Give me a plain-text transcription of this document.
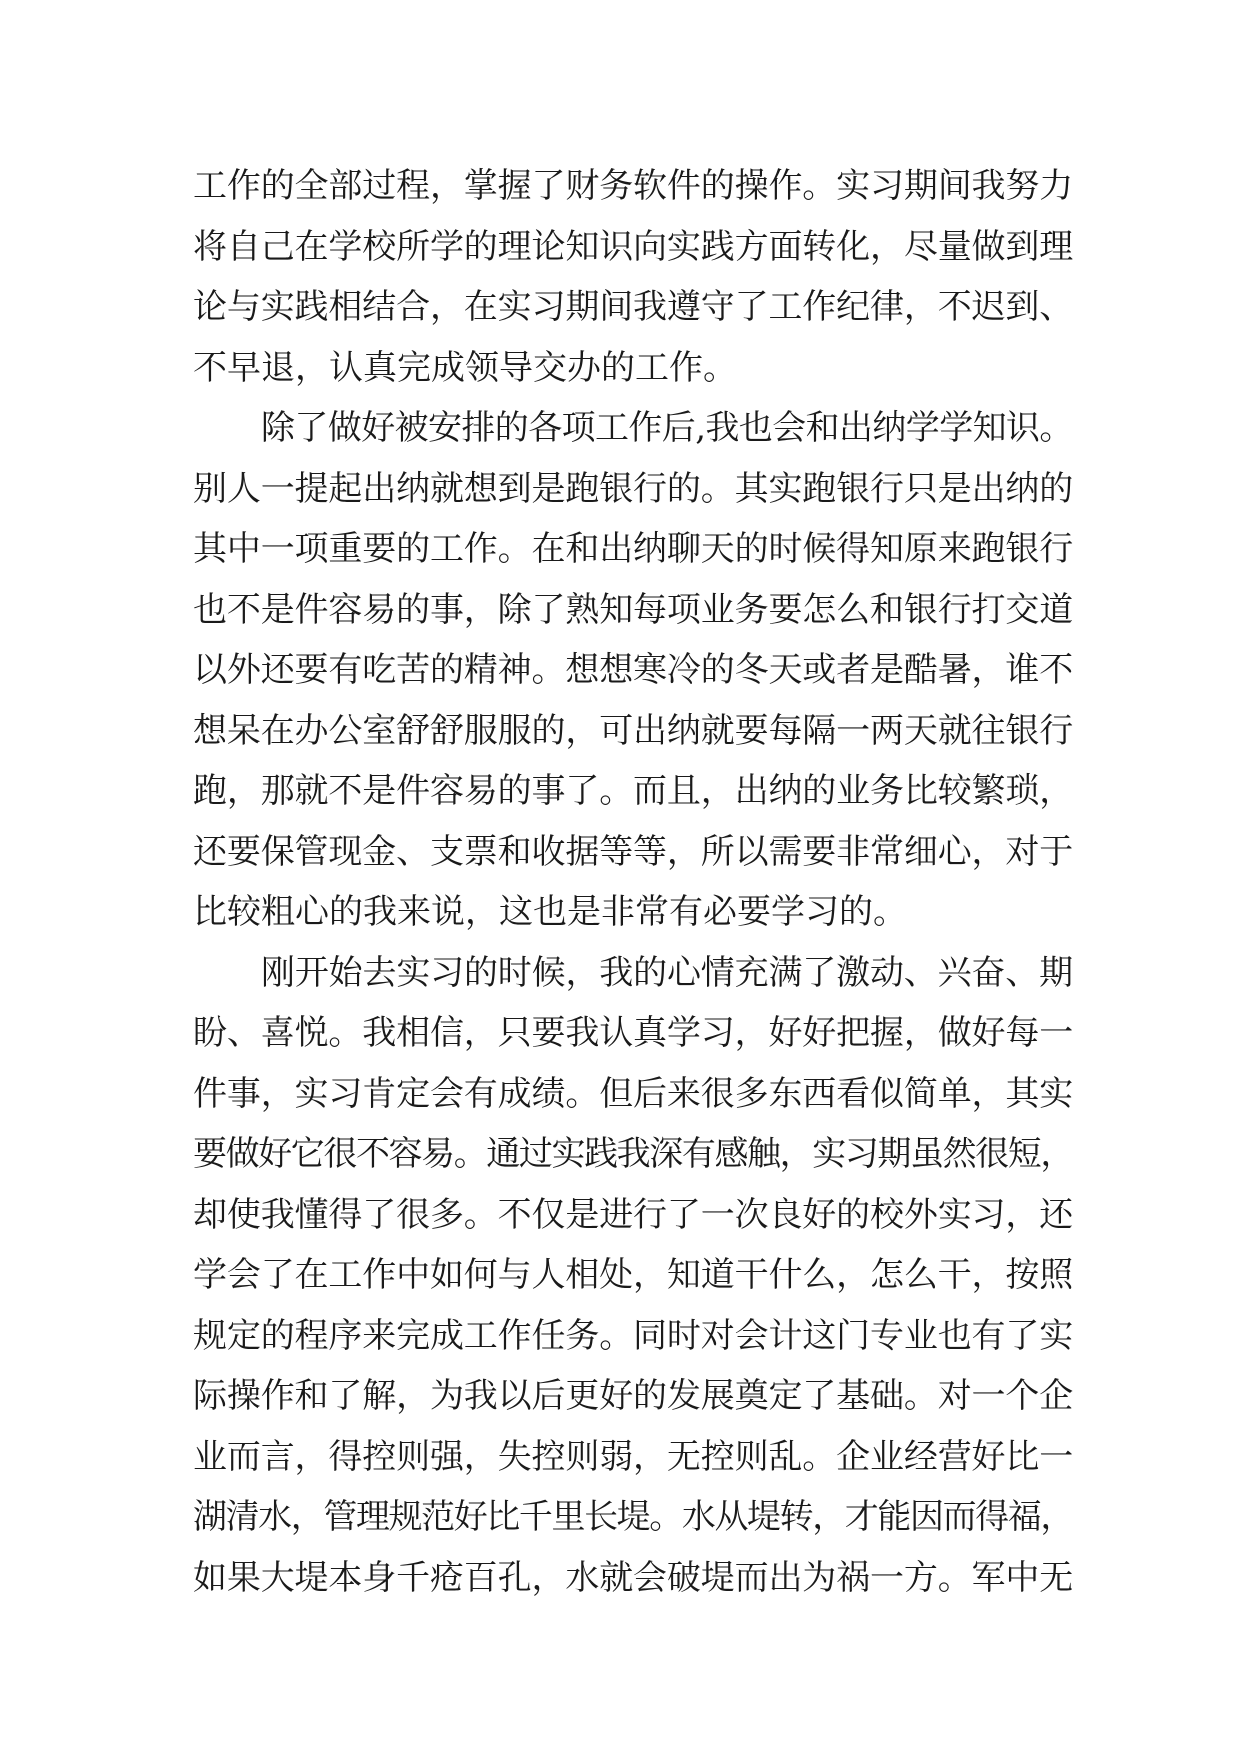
工作的全部过程，掌握了财务软件的操作。实习期间我努力
将自己在学校所学的理论知识向实践方面转化，尽量做到理
论与实践相结合，在实习期间我遵守了工作纪律，不迟到、
不早退，认真完成领导交办的工作。
除了做好被安排的各项工作后,我也会和出纳学学知识。
别人一提起出纳就想到是跑银行的。其实跑银行只是出纳的
其中一项重要的工作。在和出纳聊天的时候得知原来跑银行
也不是件容易的事，除了熟知每项业务要怎么和银行打交道
以外还要有吃苦的精神。想想寒冷的冬天或者是酷暑，谁不
想呆在办公室舒舒服服的，可出纳就要每隔一两天就往银行
跑，那就不是件容易的事了。而且，出纳的业务比较繁琐，
还要保管现金、支票和收据等等，所以需要非常细心，对于
比较粗心的我来说，这也是非常有必要学习的。
刚开始去实习的时候，我的心情充满了激动、兴奋、期
盼、喜悦。我相信，只要我认真学习，好好把握，做好每一
件事，实习肯定会有成绩。但后来很多东西看似简单，其实
要做好它很不容易。通过实践我深有感触，实习期虽然很短，
却使我懂得了很多。不仅是进行了一次良好的校外实习，还
学会了在工作中如何与人相处，知道干什么，怎么干，按照
规定的程序来完成工作任务。同时对会计这门专业也有了实
际操作和了解，为我以后更好的发展奠定了基础。对一个企
业而言，得控则强，失控则弱，无控则乱。企业经营好比一
湖清水，管理规范好比千里长堤。水从堤转，才能因而得福，
如果大堤本身千疮百孔，水就会破堤而出为祸一方。军中无
